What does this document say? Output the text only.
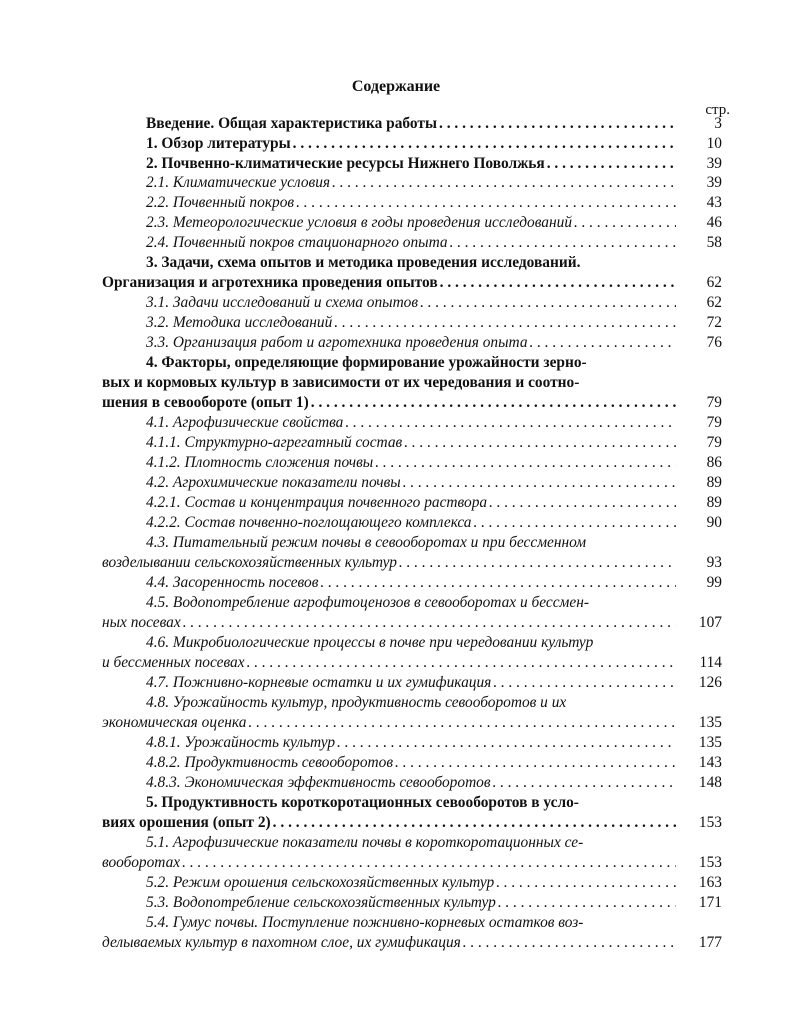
Содержание
стр.
Введение. Общая характеристика работы . . .	3
1. Обзор литературы . . .	10
2. Почвенно-климатические ресурсы Нижнего Поволжья . . .	39
2.1. Климатические условия . . .	39
2.2. Почвенный покров . . .	43
2.3. Метеорологические условия в годы проведения исследований . . .	46
2.4. Почвенный покров стационарного опыта . . .	58
3. Задачи, схема опытов и методика проведения исследований.
Организация и агротехника проведения опытов . . .	62
3.1. Задачи исследований и схема опытов . . .	62
3.2. Методика исследований . . .	72
3.3. Организация работ и агротехника проведения опыта . . .	76
4. Факторы, определяющие формирование урожайности зерно-
вых и кормовых культур в зависимости от их чередования и соотно-
шения в севообороте (опыт 1) . . .	79
4.1. Агрофизические свойства . . .	79
4.1.1. Структурно-агрегатный состав . . .	79
4.1.2. Плотность сложения почвы . . .	86
4.2. Агрохимические показатели почвы . . .	89
4.2.1. Состав и концентрация почвенного раствора . . .	89
4.2.2. Состав почвенно-поглощающего комплекса . . .	90
4.3. Питательный режим почвы в севооборотах и при бессменном
возделывании сельскохозяйственных культур . . .	93
4.4. Засоренность посевов . . .	99
4.5. Водопотребление агрофитоценозов в севооборотах и бессмен-
ных посевах . . .	107
4.6. Микробиологические процессы в почве при чередовании культур
и бессменных посевах . . .	114
4.7. Пожнивно-корневые остатки и их гумификация . . .	126
4.8. Урожайность культур, продуктивность севооборотов и их
экономическая оценка . . .	135
4.8.1. Урожайность культур . . .	135
4.8.2. Продуктивность севооборотов . . .	143
4.8.3. Экономическая эффективность севооборотов . . .	148
5. Продуктивность короткоротационных севооборотов в усло-
виях орошения (опыт 2) . . .	153
5.1. Агрофизические показатели почвы в короткоротационных се-
вооборотах . . .	153
5.2. Режим орошения сельскохозяйственных культур . . .	163
5.3. Водопотребление сельскохозяйственных культур . . .	171
5.4. Гумус почвы. Поступление пожнивно-корневых остатков воз-
делываемых культур в пахотном слое, их гумификация . . .	177
